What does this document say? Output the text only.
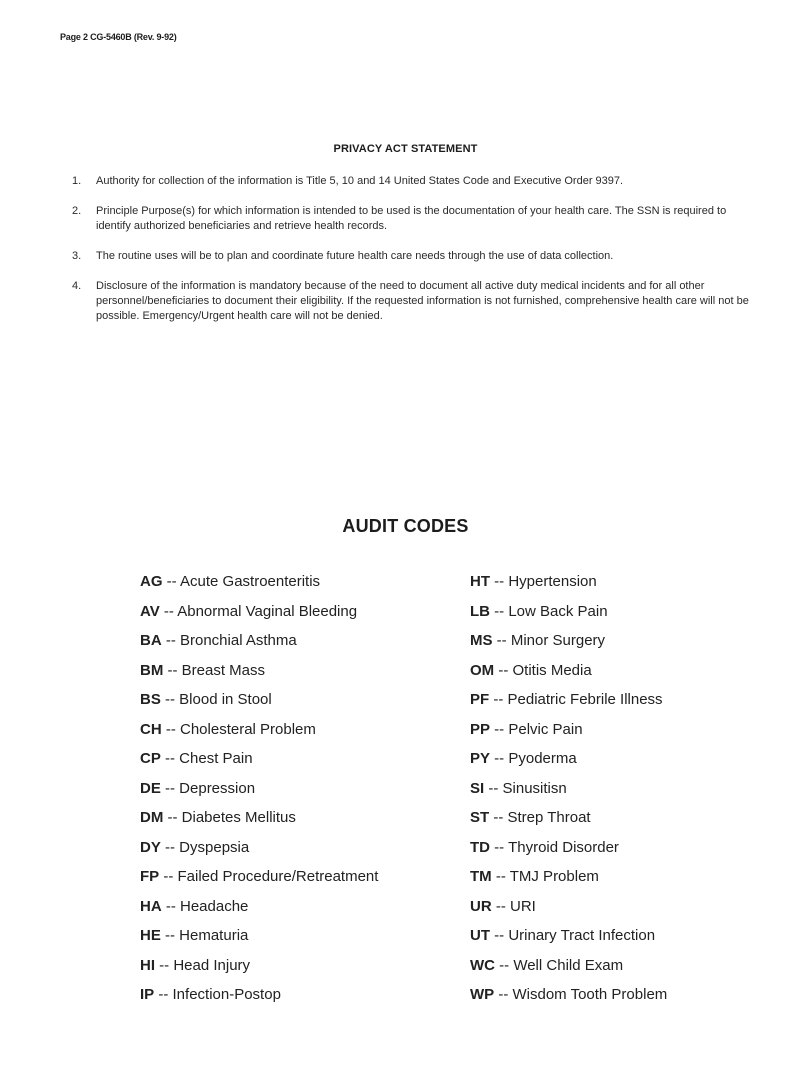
Page 2 CG-5460B (Rev. 9-92)
PRIVACY ACT STATEMENT
1.	Authority for collection of the information is Title 5, 10 and 14 United States Code and Executive Order 9397.
2.	Principle Purpose(s) for which information is intended to be used is the documentation of your health care. The SSN is required to identify authorized beneficiaries and retrieve health records.
3.	The routine uses will be to plan and coordinate future health care needs through the use of data collection.
4.	Disclosure of the information is mandatory because of the need to document all active duty medical incidents and for all other personnel/beneficiaries to document their eligibility. If the requested information is not furnished, comprehensive health care will not be possible. Emergency/Urgent health care will not be denied.
AUDIT CODES
AG -- Acute Gastroenteritis
AV -- Abnormal Vaginal Bleeding
BA -- Bronchial Asthma
BM -- Breast Mass
BS -- Blood in Stool
CH -- Cholesteral Problem
CP -- Chest Pain
DE -- Depression
DM -- Diabetes Mellitus
DY -- Dyspepsia
FP -- Failed Procedure/Retreatment
HA -- Headache
HE -- Hematuria
HI -- Head Injury
IP -- Infection-Postop
HT -- Hypertension
LB -- Low Back Pain
MS -- Minor Surgery
OM -- Otitis Media
PF -- Pediatric Febrile Illness
PP -- Pelvic Pain
PY -- Pyoderma
SI -- Sinusitisn
ST -- Strep Throat
TD -- Thyroid Disorder
TM -- TMJ Problem
UR -- URI
UT -- Urinary Tract Infection
WC -- Well Child Exam
WP -- Wisdom Tooth Problem
